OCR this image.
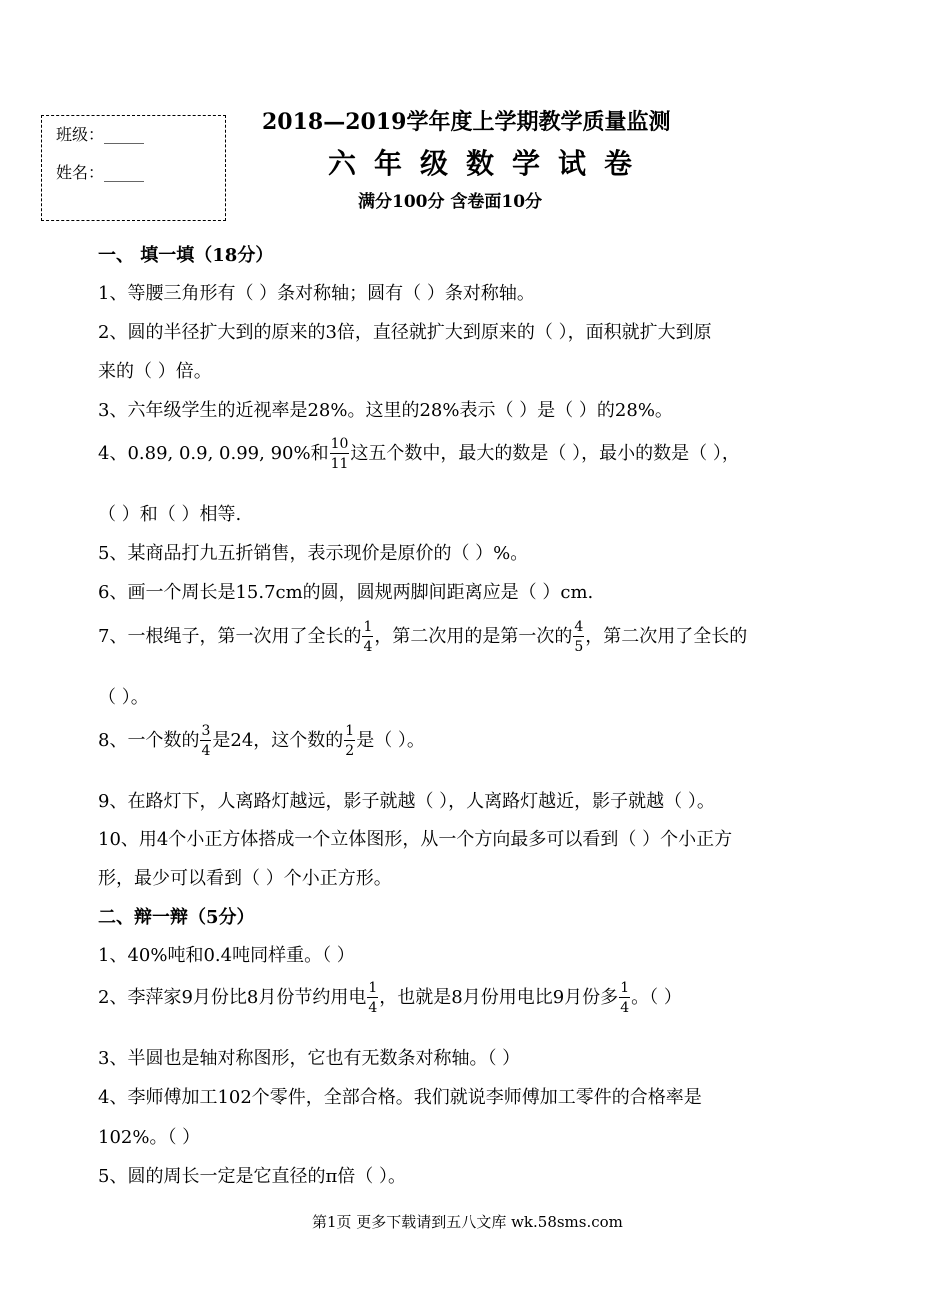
班级：_____
姓名：_____
2018—2019学年度上学期教学质量监测
六年级数学试卷
满分100分 含卷面10分
一、 填一填（18分）
1、等腰三角形有（ ）条对称轴；圆有（ ）条对称轴。
2、圆的半径扩大到的原来的3倍，直径就扩大到原来的（ ），面积就扩大到原
来的（ ）倍。
3、六年级学生的近视率是28%。这里的28%表示（ ）是（ ）的28%。
4、0.89, 0.9, 0.99, 90%和 $\frac{10}{11}$ 这五个数中，最大的数是（ ），最小的数是（ ），
（ ）和（ ）相等.
5、某商品打九五折销售，表示现价是原价的（ ）%。
6、画一个周长是15.7cm的圆，圆规两脚间距离应是（ ）cm.
7、一根绳子，第一次用了全长的 $\frac{1}{4}$ ，第二次用的是第一次的 $\frac{4}{5}$ ，第二次用了全长的
（ ）。
8、一个数的 $\frac{3}{4}$ 是24，这个数的 $\frac{1}{2}$ 是（ ）。
9、在路灯下，人离路灯越远，影子就越（ ），人离路灯越近，影子就越（ ）。
10、用4个小正方体搭成一个立体图形，从一个方向最多可以看到（ ）个小正方
形，最少可以看到（ ）个小正方形。
二、辩一辩（5分）
1、40%吨和0.4吨同样重。（ ）
2、李萍家9月份比8月份节约用电 $\frac{1}{4}$ ，也就是8月份用电比9月份多 $\frac{1}{4}$ 。（ ）
3、半圆也是轴对称图形，它也有无数条对称轴。（ ）
4、李师傅加工102个零件，全部合格。我们就说李师傅加工零件的合格率是
102%。（ ）
5、圆的周长一定是它直径的π倍（ ）。
第1页 更多下载请到五八文库 wk.58sms.com
